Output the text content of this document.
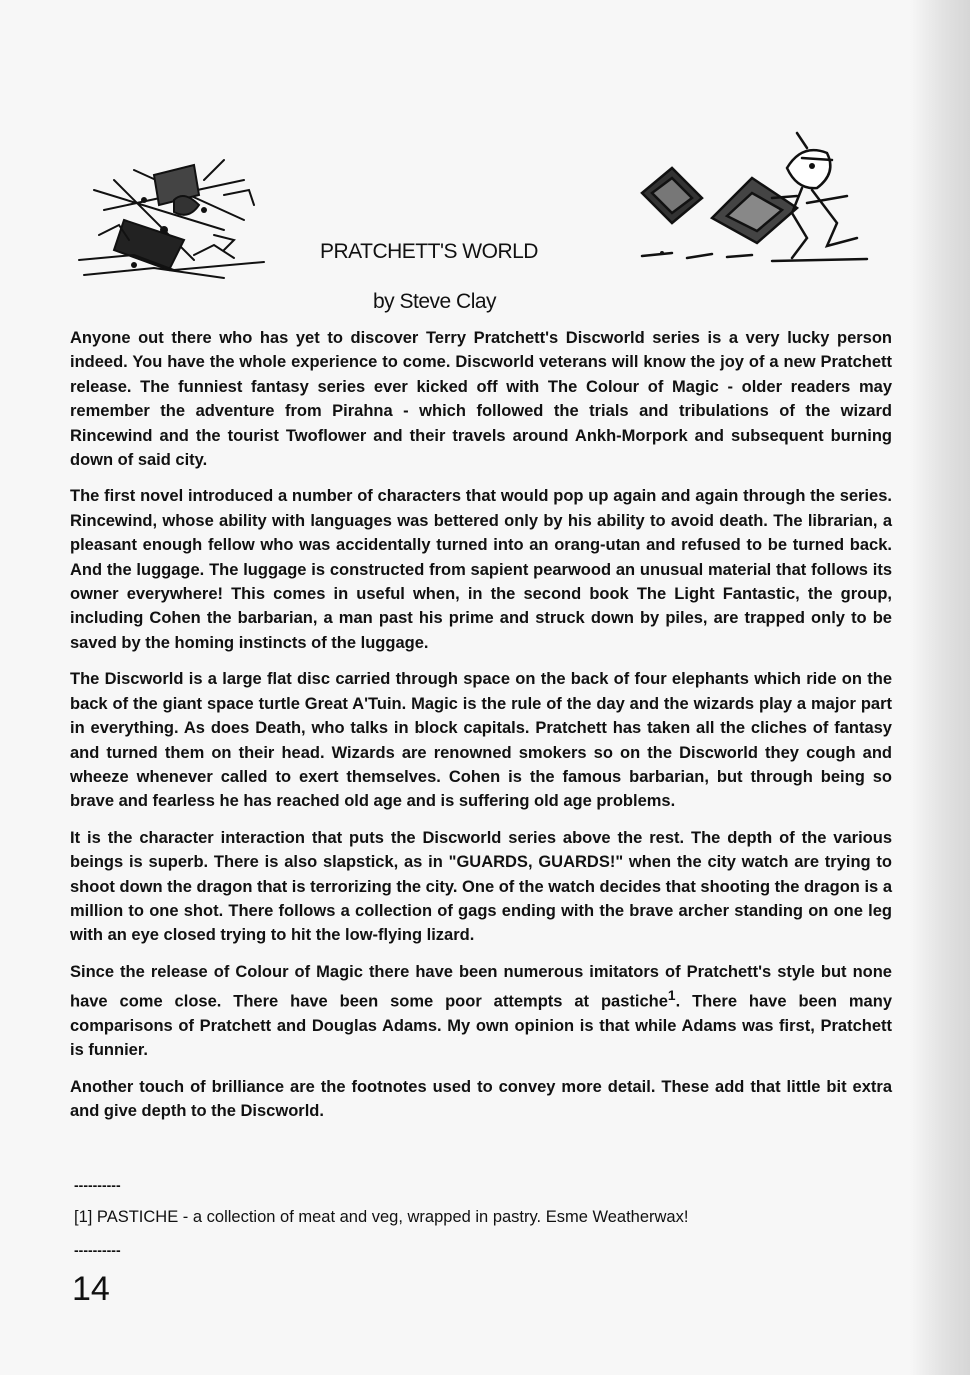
PRATCHETT'S WORLD
by Steve Clay

Anyone out there who has yet to discover Terry Pratchett's Discworld series is a very lucky person indeed. You have the whole experience to come. Discworld veterans will know the joy of a new Pratchett release. The funniest fantasy series ever kicked off with The Colour of Magic - older readers may remember the adventure from Pirahna - which followed the trials and tribulations of the wizard Rincewind and the tourist Twoflower and their travels around Ankh-Morpork and subsequent burning down of said city.

The first novel introduced a number of characters that would pop up again and again through the series. Rincewind, whose ability with languages was bettered only by his ability to avoid death. The librarian, a pleasant enough fellow who was accidentally turned into an orang-utan and refused to be turned back. And the luggage. The luggage is constructed from sapient pearwood an unusual material that follows its owner everywhere! This comes in useful when, in the second book The Light Fantastic, the group, including Cohen the barbarian, a man past his prime and struck down by piles, are trapped only to be saved by the homing instincts of the luggage.

The Discworld is a large flat disc carried through space on the back of four elephants which ride on the back of the giant space turtle Great A'Tuin. Magic is the rule of the day and the wizards play a major part in everything. As does Death, who talks in block capitals. Pratchett has taken all the cliches of fantasy and turned them on their head. Wizards are renowned smokers so on the Discworld they cough and wheeze whenever called to exert themselves. Cohen is the famous barbarian, but through being so brave and fearless he has reached old age and is suffering old age problems.

It is the character interaction that puts the Discworld series above the rest. The depth of the various beings is superb. There is also slapstick, as in "GUARDS, GUARDS!" when the city watch are trying to shoot down the dragon that is terrorizing the city. One of the watch decides that shooting the dragon is a million to one shot. There follows a collection of gags ending with the brave archer standing on one leg with an eye closed trying to hit the low-flying lizard.

Since the release of Colour of Magic there have been numerous imitators of Pratchett's style but none have come close. There have been some poor attempts at pastiche$^1$. There have been many comparisons of Pratchett and Douglas Adams. My own opinion is that while Adams was first, Pratchett is funnier.

Another touch of brilliance are the footnotes used to convey more detail. These add that little bit extra and give depth to the Discworld.

----------

[1] PASTICHE - a collection of meat and veg, wrapped in pastry. Esme Weatherwax!

----------

14
